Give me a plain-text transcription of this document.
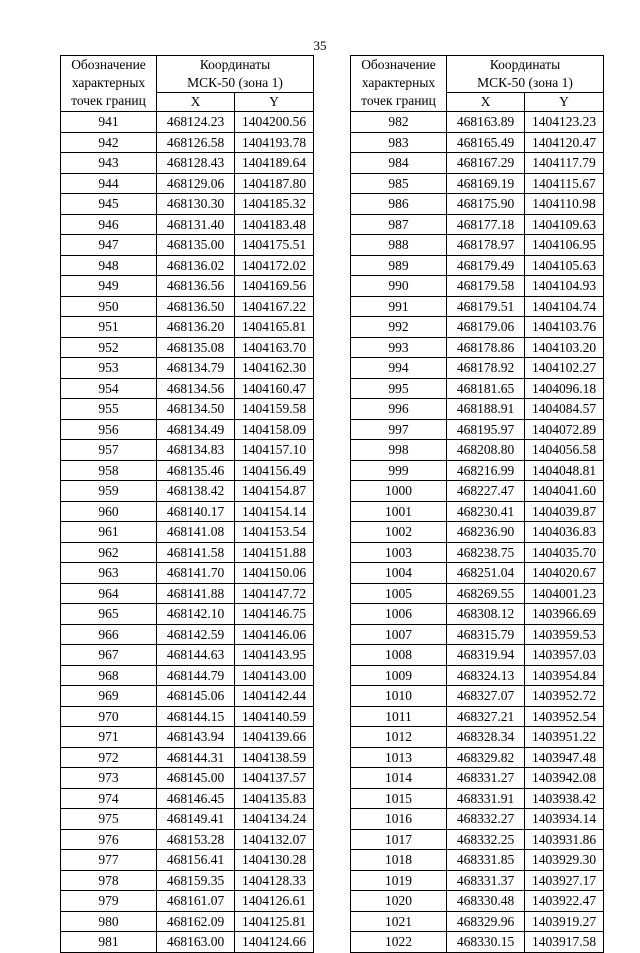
35
Обозначение
характерных
точек границ	Координаты
МСК-50 (зона 1)	

	X	Y
941	468124.23	1404200.56
942	468126.58	1404193.78
943	468128.43	1404189.64
944	468129.06	1404187.80
945	468130.30	1404185.32
946	468131.40	1404183.48
947	468135.00	1404175.51
948	468136.02	1404172.02
949	468136.56	1404169.56
950	468136.50	1404167.22
951	468136.20	1404165.81
952	468135.08	1404163.70
953	468134.79	1404162.30
954	468134.56	1404160.47
955	468134.50	1404159.58
956	468134.49	1404158.09
957	468134.83	1404157.10
958	468135.46	1404156.49
959	468138.42	1404154.87
960	468140.17	1404154.14
961	468141.08	1404153.54
962	468141.58	1404151.88
963	468141.70	1404150.06
964	468141.88	1404147.72
965	468142.10	1404146.75
966	468142.59	1404146.06
967	468144.63	1404143.95
968	468144.79	1404143.00
969	468145.06	1404142.44
970	468144.15	1404140.59
971	468143.94	1404139.66
972	468144.31	1404138.59
973	468145.00	1404137.57
974	468146.45	1404135.83
975	468149.41	1404134.24
976	468153.28	1404132.07
977	468156.41	1404130.28
978	468159.35	1404128.33
979	468161.07	1404126.61
980	468162.09	1404125.81
981	468163.00	1404124.66
Обозначение
характерных
точек границ	Координаты
МСК-50 (зона 1)	

	X	Y
982	468163.89	1404123.23
983	468165.49	1404120.47
984	468167.29	1404117.79
985	468169.19	1404115.67
986	468175.90	1404110.98
987	468177.18	1404109.63
988	468178.97	1404106.95
989	468179.49	1404105.63
990	468179.58	1404104.93
991	468179.51	1404104.74
992	468179.06	1404103.76
993	468178.86	1404103.20
994	468178.92	1404102.27
995	468181.65	1404096.18
996	468188.91	1404084.57
997	468195.97	1404072.89
998	468208.80	1404056.58
999	468216.99	1404048.81
1000	468227.47	1404041.60
1001	468230.41	1404039.87
1002	468236.90	1404036.83
1003	468238.75	1404035.70
1004	468251.04	1404020.67
1005	468269.55	1404001.23
1006	468308.12	1403966.69
1007	468315.79	1403959.53
1008	468319.94	1403957.03
1009	468324.13	1403954.84
1010	468327.07	1403952.72
1011	468327.21	1403952.54
1012	468328.34	1403951.22
1013	468329.82	1403947.48
1014	468331.27	1403942.08
1015	468331.91	1403938.42
1016	468332.27	1403934.14
1017	468332.25	1403931.86
1018	468331.85	1403929.30
1019	468331.37	1403927.17
1020	468330.48	1403922.47
1021	468329.96	1403919.27
1022	468330.15	1403917.58
